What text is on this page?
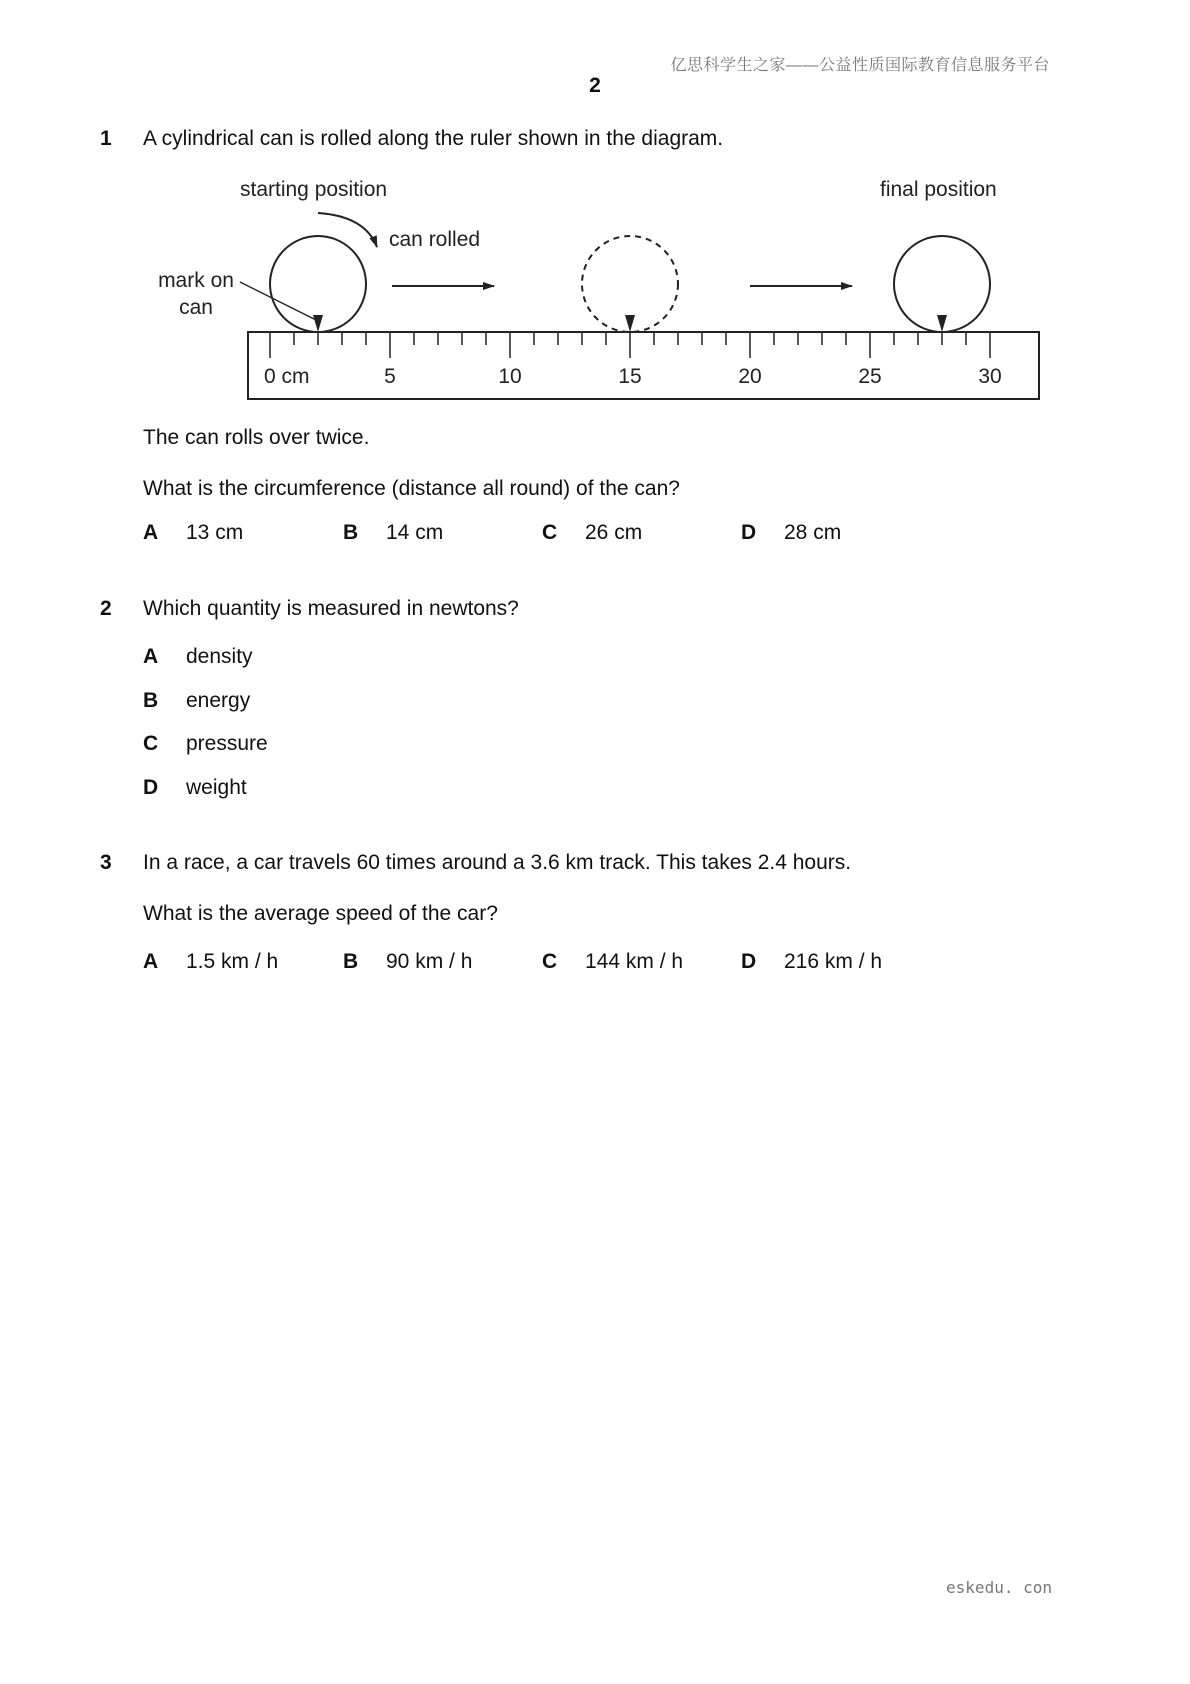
亿思科学生之家——公益性质国际教育信息服务平台
2
1 A cylindrical can is rolled along the ruler shown in the diagram.
starting position	final position
can rolled
mark on
can
0 cm	5	10	15	20	25	30
The can rolls over twice.
What is the circumference (distance all round) of the can?
A 13 cm	B 14 cm	C 26 cm	D 28 cm
2 Which quantity is measured in newtons?
A density
B energy
C pressure
D weight
3 In a race, a car travels 60 times around a 3.6 km track. This takes 2.4 hours.
What is the average speed of the car?
A 1.5 km / h	B 90 km / h	C 144 km / h	D 216 km / h
eskedu. con
